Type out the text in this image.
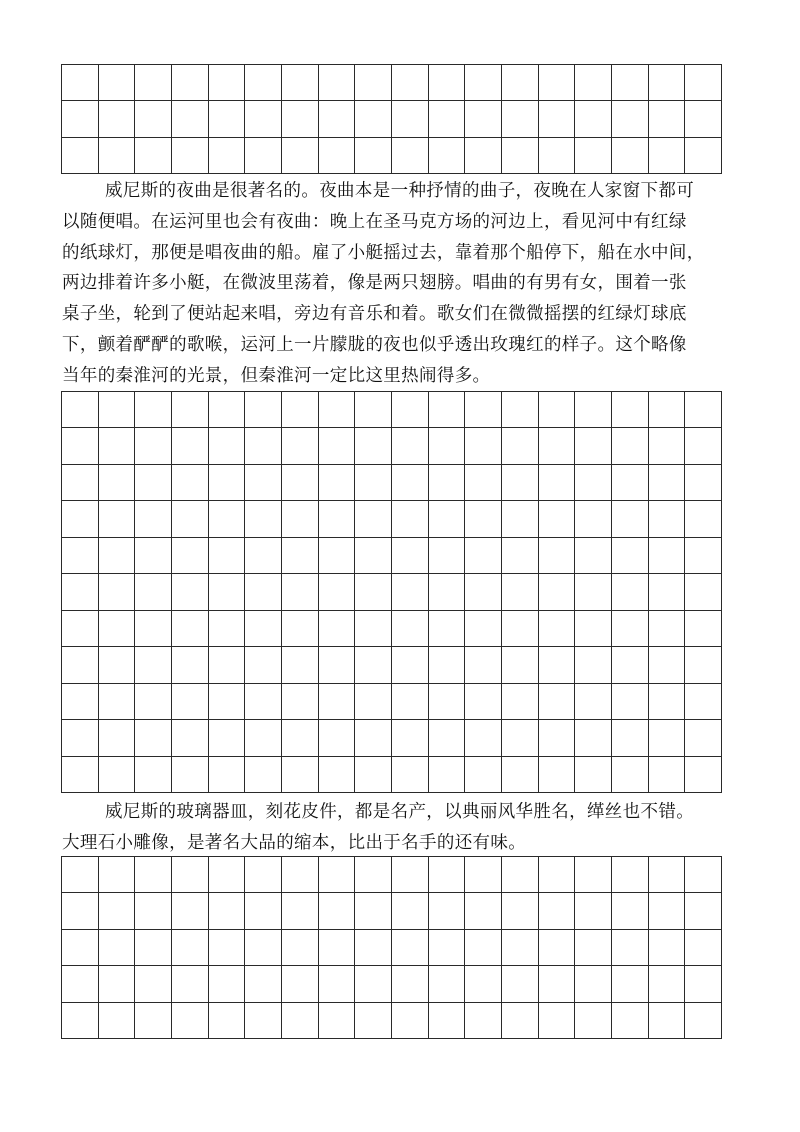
威尼斯的夜曲是很著名的。夜曲本是一种抒情的曲子，夜晚在人家窗下都可
以随便唱。在运河里也会有夜曲：晚上在圣马克方场的河边上，看见河中有红绿
的纸球灯，那便是唱夜曲的船。雇了小艇摇过去，靠着那个船停下，船在水中间，
两边排着许多小艇，在微波里荡着，像是两只翅膀。唱曲的有男有女，围着一张
桌子坐，轮到了便站起来唱，旁边有音乐和着。歌女们在微微摇摆的红绿灯球底
下，颤着酽酽的歌喉，运河上一片朦胧的夜也似乎透出玫瑰红的样子。这个略像
当年的秦淮河的光景，但秦淮河一定比这里热闹得多。

威尼斯的玻璃器皿，刻花皮件，都是名产，以典丽风华胜名，缂丝也不错。
大理石小雕像，是著名大品的缩本，比出于名手的还有味。
